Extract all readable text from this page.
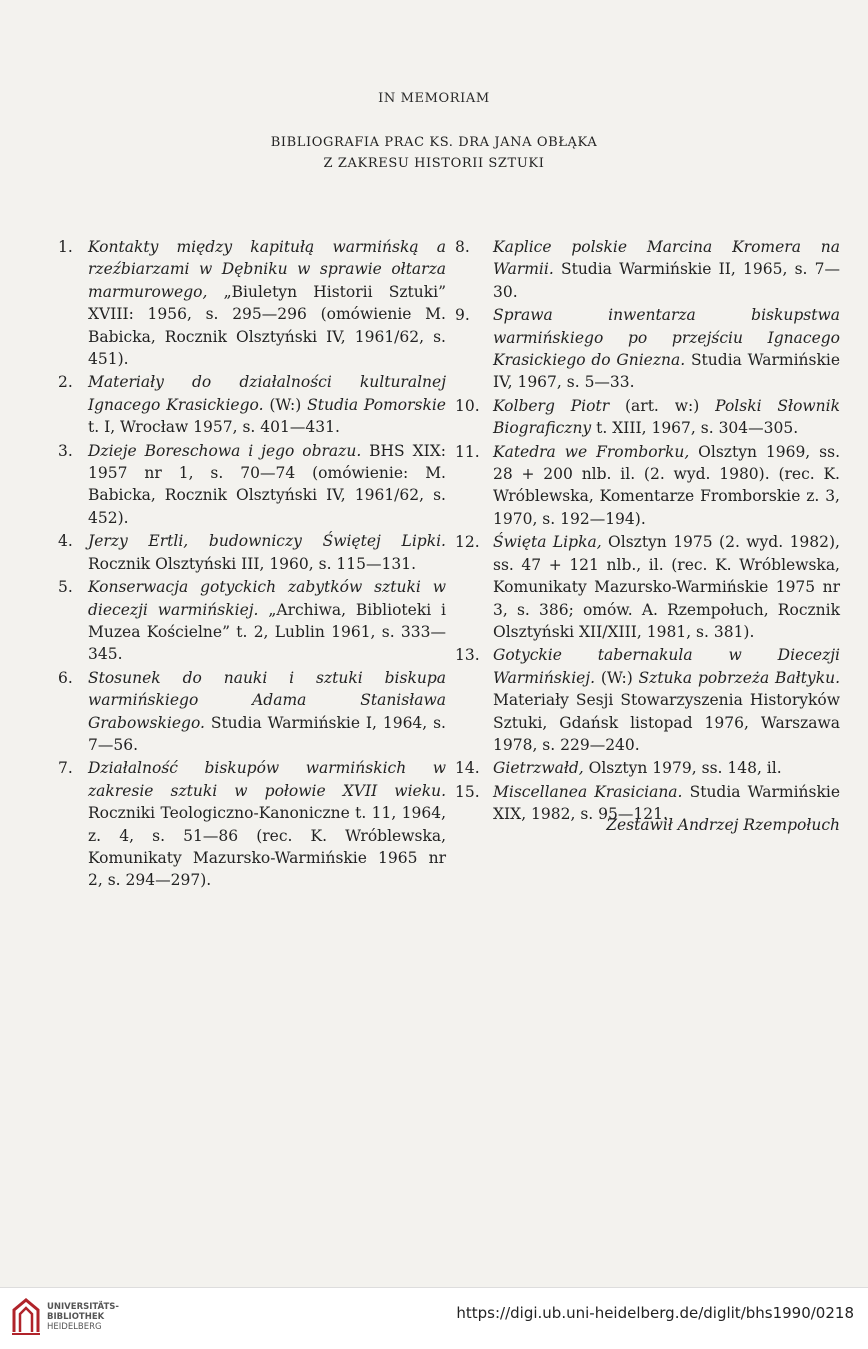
IN MEMORIAM
BIBLIOGRAFIA PRAC KS. DRA JANA OBŁĄKA
Z ZAKRESU HISTORII SZTUKI
1. Kontakty między kapitułą warmińską a rzeźbiarzami w Dębniku w sprawie ołtarza marmurowego, „Biuletyn Historii Sztuki” XVIII: 1956, s. 295—296 (omówienie M. Babicka, Rocznik Olsztyński IV, 1961/62, s. 451).
2. Materiały do działalności kulturalnej Ignacego Krasickiego. (W:) Studia Pomorskie t. I, Wrocław 1957, s. 401—431.
3. Dzieje Boreschowa i jego obrazu. BHS XIX: 1957 nr 1, s. 70—74 (omówienie: M. Babicka, Rocznik Olsztyński IV, 1961/62, s. 452).
4. Jerzy Ertli, budowniczy Świętej Lipki. Rocznik Olsztyński III, 1960, s. 115—131.
5. Konserwacja gotyckich zabytków sztuki w diecezji warmińskiej. „Archiwa, Biblioteki i Muzea Kościelne” t. 2, Lublin 1961, s. 333—345.
6. Stosunek do nauki i sztuki biskupa warmińskiego Adama Stanisława Grabowskiego. Studia Warmińskie I, 1964, s. 7—56.
7. Działalność biskupów warmińskich w zakresie sztuki w połowie XVII wieku. Roczniki Teologiczno-Kanoniczne t. 11, 1964, z. 4, s. 51—86 (rec. K. Wróblewska, Komunikaty Mazursko-Warmińskie 1965 nr 2, s. 294—297).
8.	Kaplice polskie Marcina Kromera na Warmii. Studia Warmińskie II, 1965, s. 7—30.
9.	Sprawa inwentarza biskupstwa warmińskiego po przejściu Ignacego Krasickiego do Gniezna. Studia Warmińskie IV, 1967, s. 5—33.
10. Kolberg Piotr (art. w:) Polski Słownik Biograficzny t. XIII, 1967, s. 304—305.
11. Katedra we Fromborku, Olsztyn 1969, ss. 28 + 200 nlb. il. (2. wyd. 1980). (rec. K. Wróblewska, Komentarze Fromborskie z. 3, 1970, s. 192—194).
12. Święta Lipka, Olsztyn 1975 (2. wyd. 1982), ss. 47 + 121 nlb., il. (rec. K. Wróblewska, Komunikaty Mazursko-Warmińskie 1975 nr 3, s. 386; omów. A. Rzempołuch, Rocznik Olsztyński XII/XIII, 1981, s. 381).
13. Gotyckie tabernakula w Diecezji Warmińskiej. (W:) Sztuka pobrzeża Bałtyku. Materiały Sesji Stowarzyszenia Historyków Sztuki, Gdańsk listopad 1976, Warszawa 1978, s. 229—240.
14. Gietrzwałd, Olsztyn 1979, ss. 148, il.
15. Miscellanea Krasiciana. Studia Warmińskie XIX, 1982, s. 95—121.
Zestawił Andrzej Rzempołuch
UNIVERSITÄTS-
BIBLIOTHEK
HEIDELBERG
https://digi.ub.uni-heidelberg.de/diglit/bhs1990/0218
